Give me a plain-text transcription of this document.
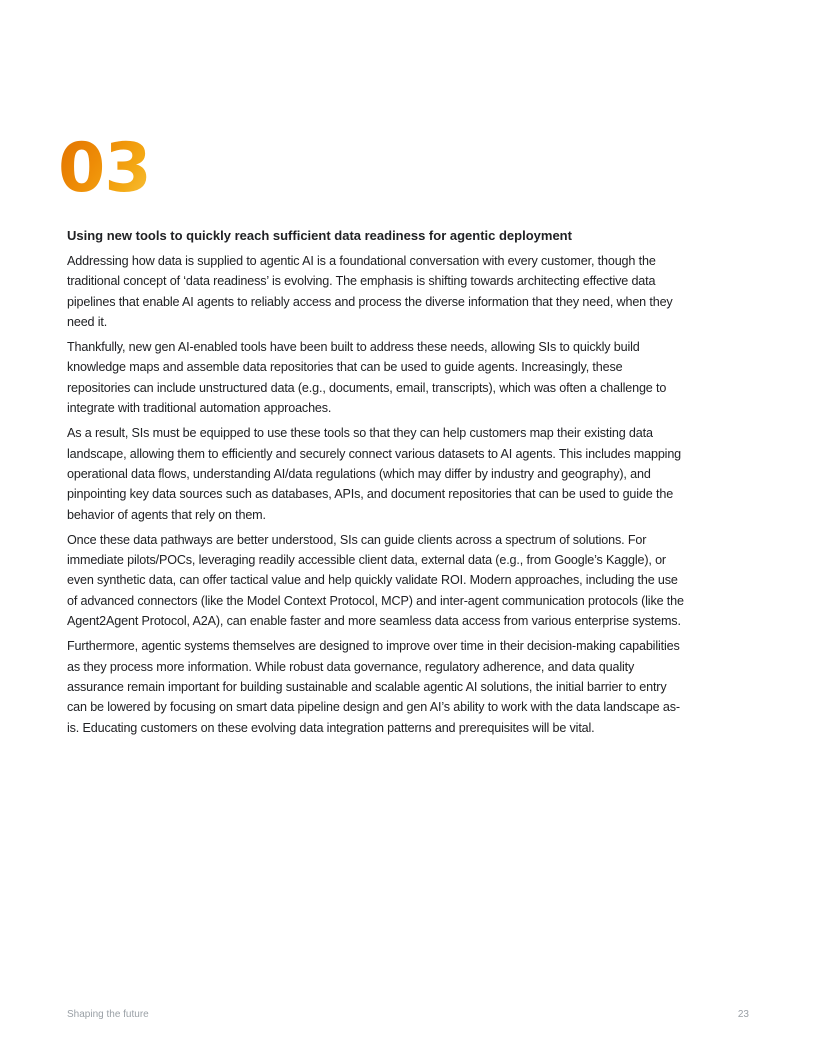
03

Using new tools to quickly reach sufficient data readiness for agentic deployment

Addressing how data is supplied to agentic AI is a foundational conversation with every customer, though the traditional concept of ‘data readiness’ is evolving. The emphasis is shifting towards architecting effective data pipelines that enable AI agents to reliably access and process the diverse information that they need, when they need it.

Thankfully, new gen AI-enabled tools have been built to address these needs, allowing SIs to quickly build knowledge maps and assemble data repositories that can be used to guide agents. Increasingly, these repositories can include unstructured data (e.g., documents, email, transcripts), which was often a challenge to integrate with traditional automation approaches.

As a result, SIs must be equipped to use these tools so that they can help customers map their existing data landscape, allowing them to efficiently and securely connect various datasets to AI agents. This includes mapping operational data flows, understanding AI/data regulations (which may differ by industry and geography), and pinpointing key data sources such as databases, APIs, and document repositories that can be used to guide the behavior of agents that rely on them.

Once these data pathways are better understood, SIs can guide clients across a spectrum of solutions. For immediate pilots/POCs, leveraging readily accessible client data, external data (e.g., from Google’s Kaggle), or even synthetic data, can offer tactical value and help quickly validate ROI. Modern approaches, including the use of advanced connectors (like the Model Context Protocol, MCP) and inter-agent communication protocols (like the Agent2Agent Protocol, A2A), can enable faster and more seamless data access from various enterprise systems.

Furthermore, agentic systems themselves are designed to improve over time in their decision-making capabilities as they process more information. While robust data governance, regulatory adherence, and data quality assurance remain important for building sustainable and scalable agentic AI solutions, the initial barrier to entry can be lowered by focusing on smart data pipeline design and gen AI’s ability to work with the data landscape as-is. Educating customers on these evolving data integration patterns and prerequisites will be vital.

Shaping the future	23
